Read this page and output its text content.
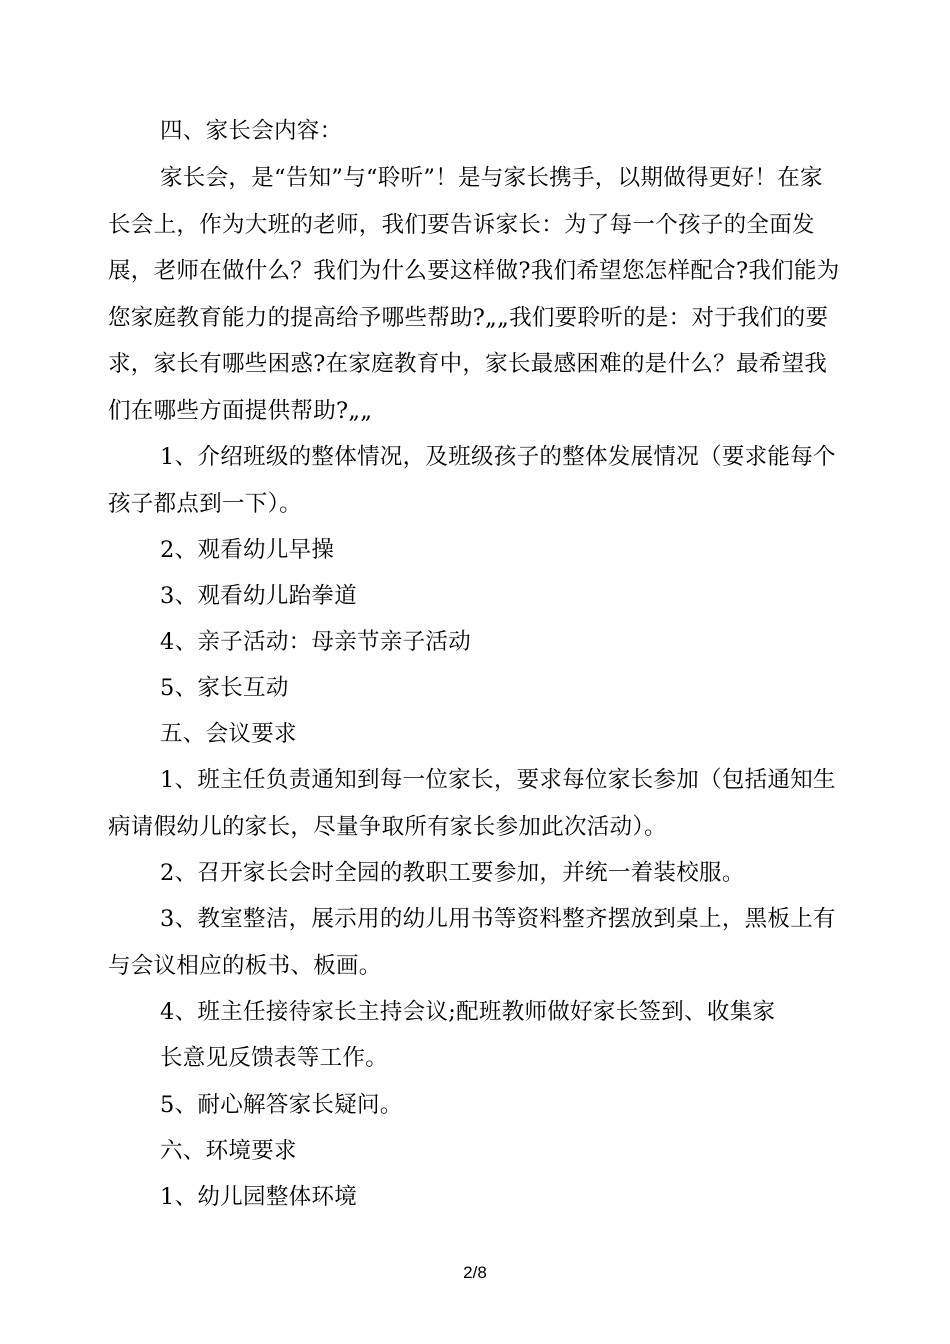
四、家长会内容：

家长会，是“告知”与“聆听”！是与家长携手，以期做得更好！在家长会上，作为大班的老师，我们要告诉家长：为了每一个孩子的全面发展，老师在做什么？我们为什么要这样做?我们希望您怎样配合?我们能为您家庭教育能力的提高给予哪些帮助?„„我们要聆听的是：对于我们的要求，家长有哪些困惑?在家庭教育中，家长最感困难的是什么？最希望我们在哪些方面提供帮助?„„

1、介绍班级的整体情况，及班级孩子的整体发展情况（要求能每个孩子都点到一下）。

2、观看幼儿早操

3、观看幼儿跆拳道

4、亲子活动：母亲节亲子活动

5、家长互动

五、会议要求

1、班主任负责通知到每一位家长，要求每位家长参加（包括通知生病请假幼儿的家长，尽量争取所有家长参加此次活动）。

2、召开家长会时全园的教职工要参加，并统一着装校服。

3、教室整洁，展示用的幼儿用书等资料整齐摆放到桌上，黑板上有与会议相应的板书、板画。

4、班主任接待家长主持会议;配班教师做好家长签到、收集家

长意见反馈表等工作。

5、耐心解答家长疑问。

六、环境要求

1、幼儿园整体环境

2/8
